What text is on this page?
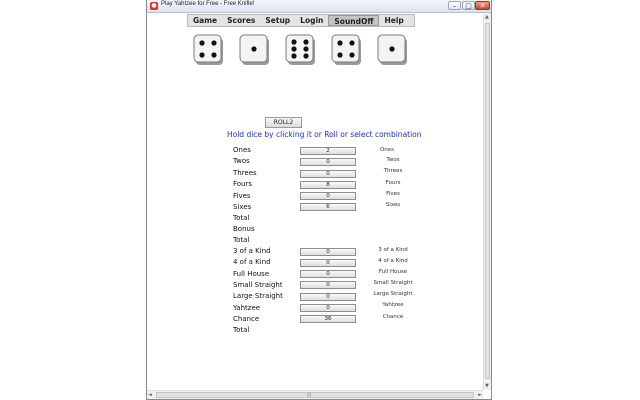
● Play Yahtzee for Free - Free Knifle!	–	□	✕
Game	Scores	Setup	Login	SoundOff	Help
ROLL2
Hold dice by clicking it or Roll or select combination
Ones	2	Ones
Twos	0	Twos
Threes	0	Threes
Fours	8	Fours
Fives	0	Fives
Sixes	6	Sixes
Total
Bonus
Total
3 of a Kind	0	3 of a Kind
4 of a Kind	0	4 of a Kind
Full House	0	Full House
Small Straight	0	Small Straight
Large Straight	0	Large Straight
Yahtzee	0	Yahtzee
Chance	36	Chance
Total
▲
▼
◄	|||	►
